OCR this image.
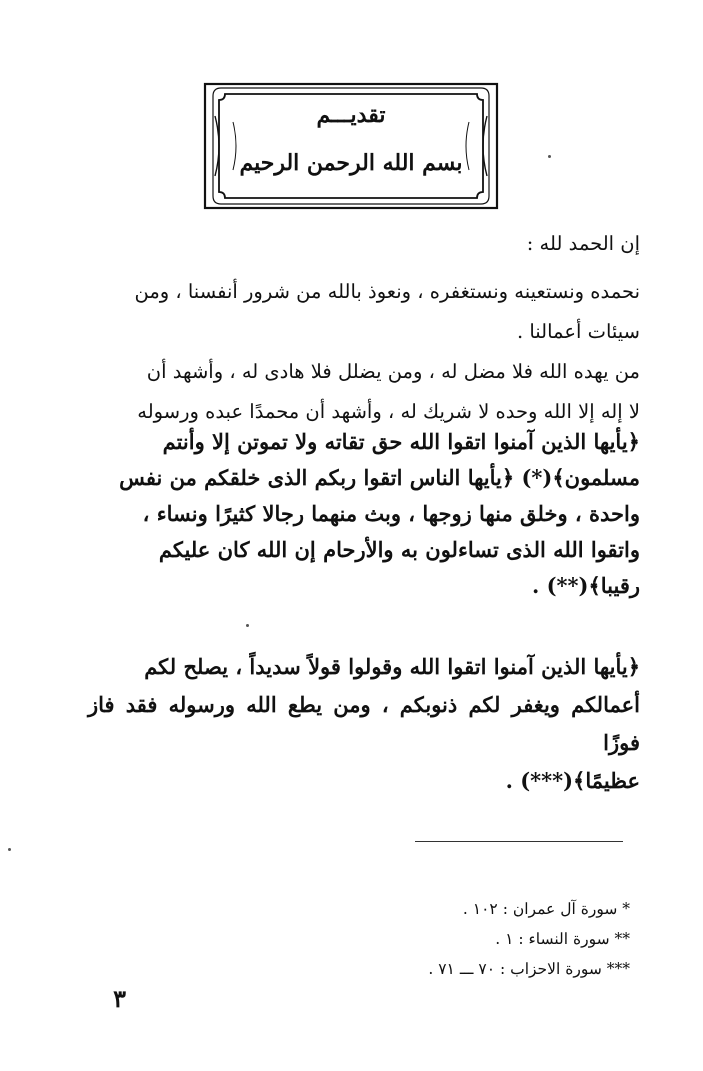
تقديـــم
بسم الله الرحمن الرحيم
إن الحمد لله :
نحمده ونستعينه ونستغفره ، ونعوذ بالله من شرور أنفسنا ، ومن
سيئات أعمالنا .
من يهده الله فلا مضل له ، ومن يضلل فلا هادى له ، وأشهد أن
لا إله إلا الله وحده لا شريك له ، وأشهد أن محمدًا عبده ورسوله
﴿يأيها الذين آمنوا اتقوا الله حق تقاته ولا تموتن إلا وأنتم
مسلمون﴾(*) ﴿يأيها الناس اتقوا ربكم الذى خلقكم من نفس
واحدة ، وخلق منها زوجها ، وبث منهما رجالا كثيرًا ونساء ،
واتقوا الله الذى تساءلون به والأرحام إن الله كان عليكم
رقيبا﴾(**) .
﴿يأيها الذين آمنوا اتقوا الله وقولوا قولاً سديداً ، يصلح لكم
أعمالكم ويغفر لكم ذنوبكم ، ومن يطع الله ورسوله فقد فاز فوزًا
عظيمًا﴾(***) .
* سورة آل عمران : ١٠٢ .
** سورة النساء : ١ .
*** سورة الاحزاب : ٧٠ ـــ ٧١ .
٣
